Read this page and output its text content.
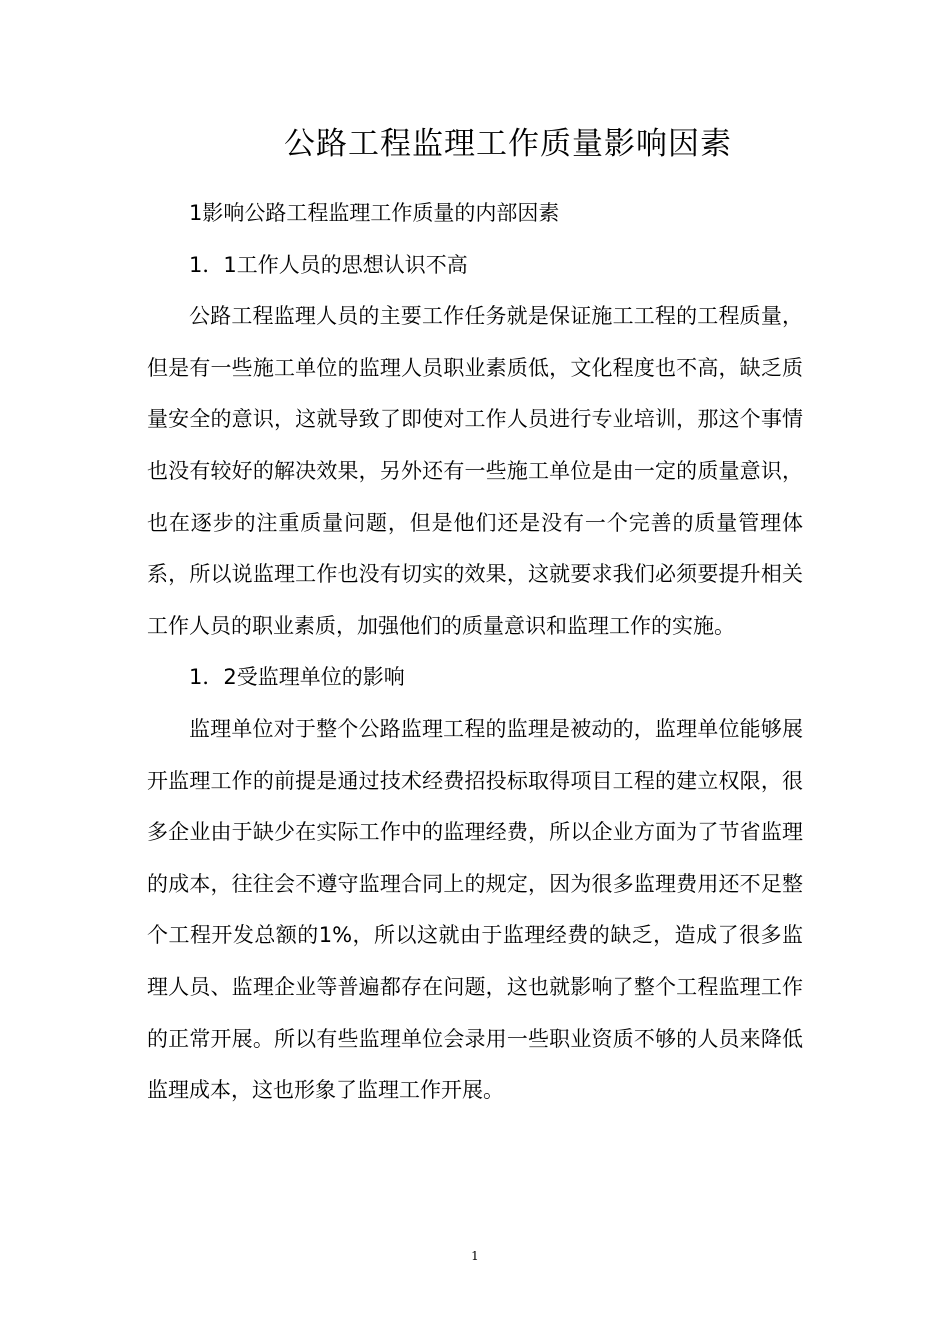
公路工程监理工作质量影响因素

1影响公路工程监理工作质量的内部因素

1．1工作人员的思想认识不高

公路工程监理人员的主要工作任务就是保证施工工程的工程质量，但是有一些施工单位的监理人员职业素质低，文化程度也不高，缺乏质量安全的意识，这就导致了即使对工作人员进行专业培训，那这个事情也没有较好的解决效果，另外还有一些施工单位是由一定的质量意识，也在逐步的注重质量问题，但是他们还是没有一个完善的质量管理体系，所以说监理工作也没有切实的效果，这就要求我们必须要提升相关工作人员的职业素质，加强他们的质量意识和监理工作的实施。

1．2受监理单位的影响

监理单位对于整个公路监理工程的监理是被动的，监理单位能够展开监理工作的前提是通过技术经费招投标取得项目工程的建立权限，很多企业由于缺少在实际工作中的监理经费，所以企业方面为了节省监理的成本，往往会不遵守监理合同上的规定，因为很多监理费用还不足整个工程开发总额的1%，所以这就由于监理经费的缺乏，造成了很多监理人员、监理企业等普遍都存在问题，这也就影响了整个工程监理工作的正常开展。所以有些监理单位会录用一些职业资质不够的人员来降低监理成本，这也形象了监理工作开展。

1
